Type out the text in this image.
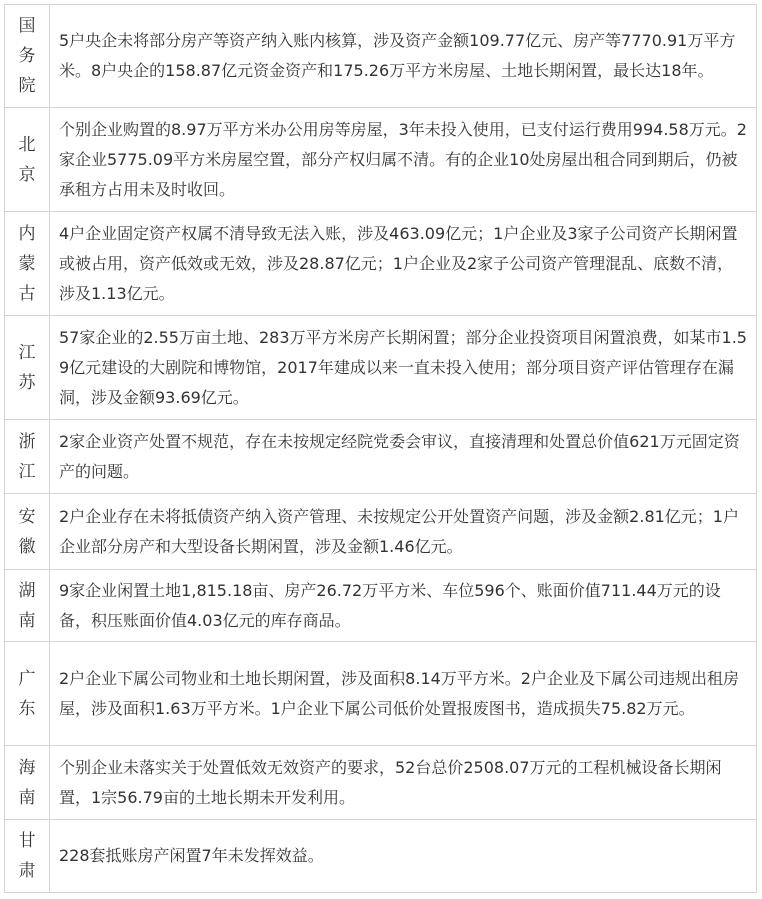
国务院
5户央企未将部分房产等资产纳入账内核算，涉及资产金额109.77亿元、房产等7770.91万平方米。8户央企的158.87亿元资金资产和175.26万平方米房屋、土地长期闲置，最长达18年。
北京
个别企业购置的8.97万平方米办公用房等房屋，3年未投入使用，已支付运行费用994.58万元。2家企业5775.09平方米房屋空置，部分产权归属不清。有的企业10处房屋出租合同到期后，仍被承租方占用未及时收回。
内蒙古
4户企业固定资产权属不清导致无法入账，涉及463.09亿元；1户企业及3家子公司资产长期闲置或被占用，资产低效或无效，涉及28.87亿元；1户企业及2家子公司资产管理混乱、底数不清，涉及1.13亿元。
江苏
57家企业的2.55万亩土地、283万平方米房产长期闲置；部分企业投资项目闲置浪费，如某市1.59亿元建设的大剧院和博物馆，2017年建成以来一直未投入使用；部分项目资产评估管理存在漏洞，涉及金额93.69亿元。
浙江
2家企业资产处置不规范，存在未按规定经院党委会审议，直接清理和处置总价值621万元固定资产的问题。
安徽
2户企业存在未将抵债资产纳入资产管理、未按规定公开处置资产问题，涉及金额2.81亿元；1户企业部分房产和大型设备长期闲置，涉及金额1.46亿元。
湖南
9家企业闲置土地1,815.18亩、房产26.72万平方米、车位596个、账面价值711.44万元的设备，积压账面价值4.03亿元的库存商品。
广东
2户企业下属公司物业和土地长期闲置，涉及面积8.14万平方米。2户企业及下属公司违规出租房屋，涉及面积1.63万平方米。1户企业下属公司低价处置报废图书，造成损失75.82万元。
海南
个别企业未落实关于处置低效无效资产的要求，52台总价2508.07万元的工程机械设备长期闲置，1宗56.79亩的土地长期未开发利用。
甘肃
228套抵账房产闲置7年未发挥效益。
